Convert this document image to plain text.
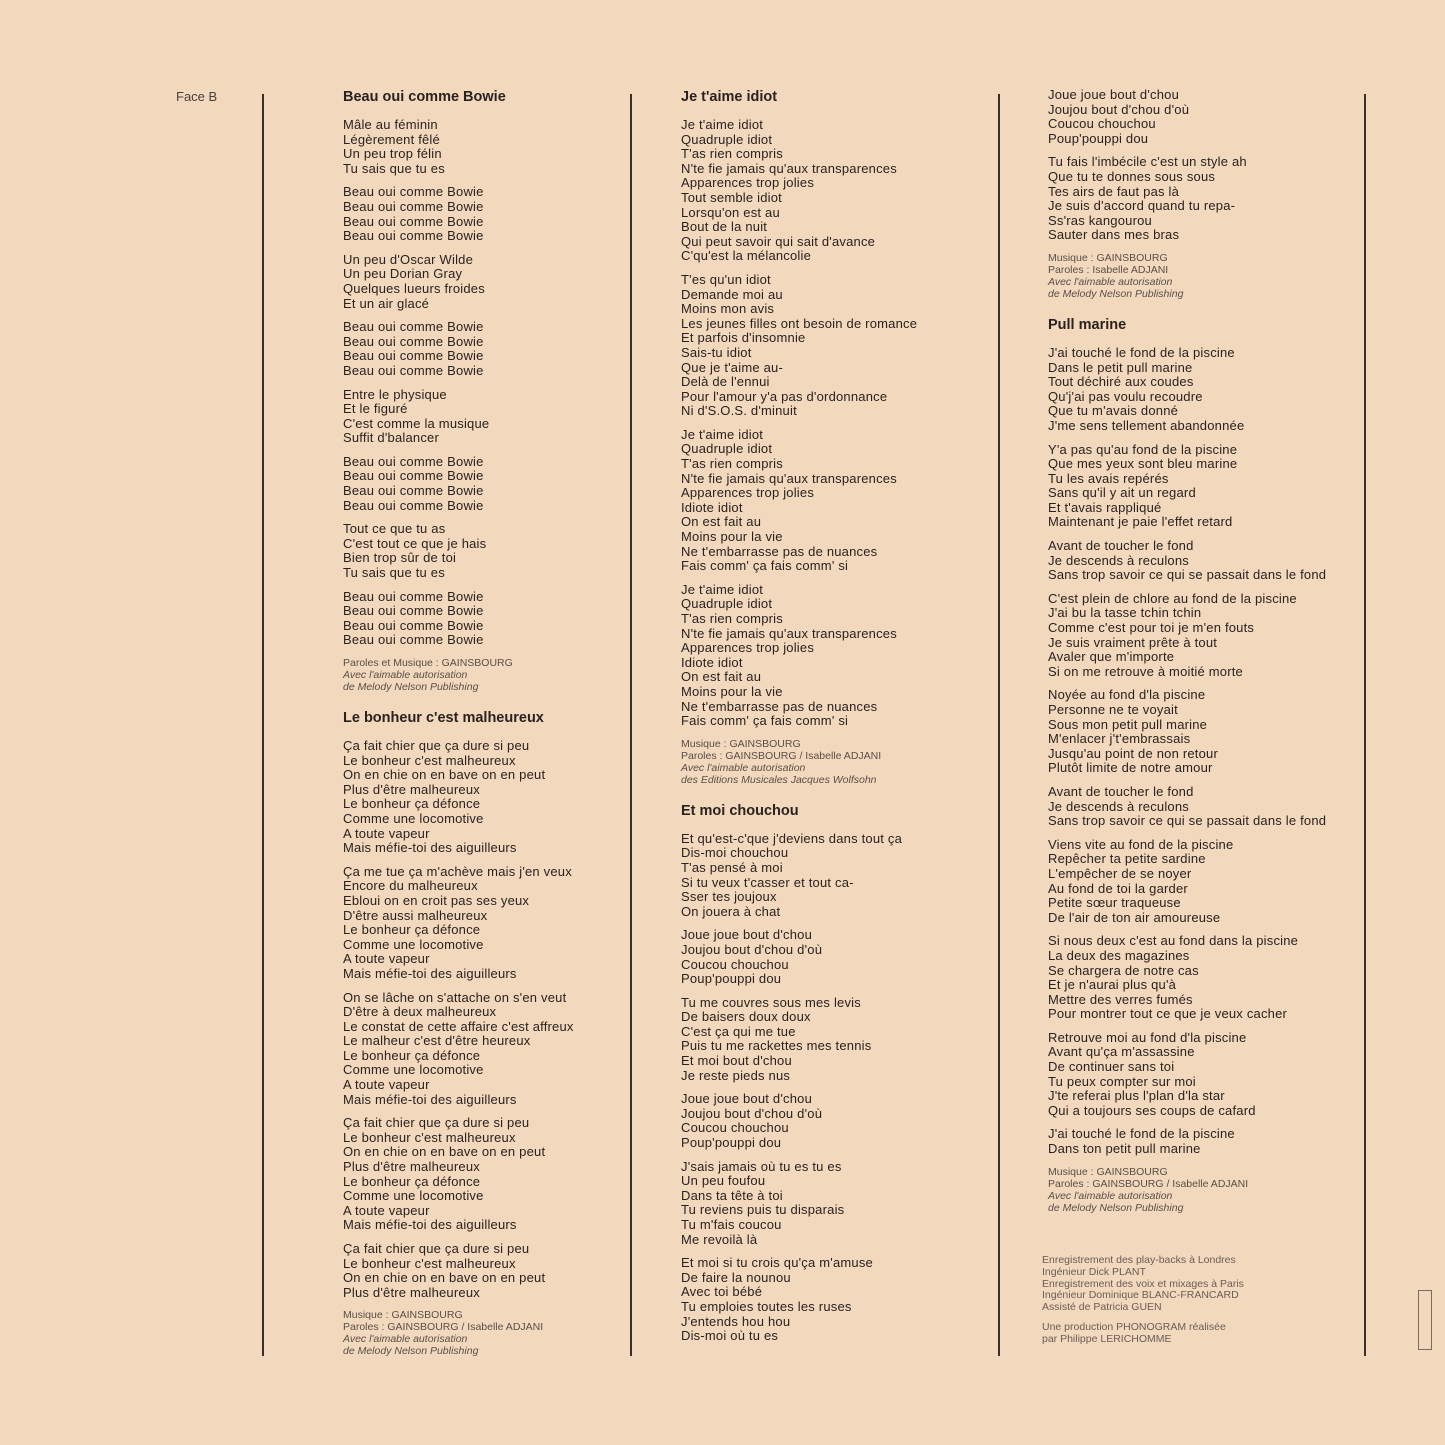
Face B	Beau oui comme Bowie
Mâle au féminin
Légèrement fêlé
Un peu trop félin
Tu sais que tu es
Beau oui comme Bowie
Beau oui comme Bowie
Beau oui comme Bowie
Beau oui comme Bowie
Un peu d'Oscar Wilde
Un peu Dorian Gray
Quelques lueurs froides
Et un air glacé
Beau oui comme Bowie
Beau oui comme Bowie
Beau oui comme Bowie
Beau oui comme Bowie
Entre le physique
Et le figuré
C'est comme la musique
Suffit d'balancer
Beau oui comme Bowie
Beau oui comme Bowie
Beau oui comme Bowie
Beau oui comme Bowie
Tout ce que tu as
C'est tout ce que je hais
Bien trop sûr de toi
Tu sais que tu es
Beau oui comme Bowie
Beau oui comme Bowie
Beau oui comme Bowie
Beau oui comme Bowie
Paroles et Musique : GAINSBOURG
Avec l'aimable autorisation
de Melody Nelson Publishing
Le bonheur c'est malheureux
Ça fait chier que ça dure si peu
Le bonheur c'est malheureux
On en chie on en bave on en peut
Plus d'être malheureux
Le bonheur ça défonce
Comme une locomotive
A toute vapeur
Mais méfie-toi des aiguilleurs
Ça me tue ça m'achève mais j'en veux
Encore du malheureux
Ebloui on en croit pas ses yeux
D'être aussi malheureux
Le bonheur ça défonce
Comme une locomotive
A toute vapeur
Mais méfie-toi des aiguilleurs
On se lâche on s'attache on s'en veut
D'être à deux malheureux
Le constat de cette affaire c'est affreux
Le malheur c'est d'être heureux
Le bonheur ça défonce
Comme une locomotive
A toute vapeur
Mais méfie-toi des aiguilleurs
Ça fait chier que ça dure si peu
Le bonheur c'est malheureux
On en chie on en bave on en peut
Plus d'être malheureux
Le bonheur ça défonce
Comme une locomotive
A toute vapeur
Mais méfie-toi des aiguilleurs
Ça fait chier que ça dure si peu
Le bonheur c'est malheureux
On en chie on en bave on en peut
Plus d'être malheureux
Musique : GAINSBOURG
Paroles : GAINSBOURG / Isabelle ADJANI
Avec l'aimable autorisation
de Melody Nelson Publishing
Je t'aime idiot
Je t'aime idiot
Quadruple idiot
T'as rien compris
N'te fie jamais qu'aux transparences
Apparences trop jolies
Tout semble idiot
Lorsqu'on est au
Bout de la nuit
Qui peut savoir qui sait d'avance
C'qu'est la mélancolie
T'es qu'un idiot
Demande moi au
Moins mon avis
Les jeunes filles ont besoin de romance
Et parfois d'insomnie
Sais-tu idiot
Que je t'aime au-
Delà de l'ennui
Pour l'amour y'a pas d'ordonnance
Ni d'S.O.S. d'minuit
Je t'aime idiot
Quadruple idiot
T'as rien compris
N'te fie jamais qu'aux transparences
Apparences trop jolies
Idiote idiot
On est fait au
Moins pour la vie
Ne t'embarrasse pas de nuances
Fais comm' ça fais comm' si
Je t'aime idiot
Quadruple idiot
T'as rien compris
N'te fie jamais qu'aux transparences
Apparences trop jolies
Idiote idiot
On est fait au
Moins pour la vie
Ne t'embarrasse pas de nuances
Fais comm' ça fais comm' si
Musique : GAINSBOURG
Paroles : GAINSBOURG / Isabelle ADJANI
Avec l'aimable autorisation
des Editions Musicales Jacques Wolfsohn
Et moi chouchou
Et qu'est-c'que j'deviens dans tout ça
Dis-moi chouchou
T'as pensé à moi
Si tu veux t'casser et tout ca-
Sser tes joujoux
On jouera à chat
Joue joue bout d'chou
Joujou bout d'chou d'où
Coucou chouchou
Poup'pouppi dou
Tu me couvres sous mes levis
De baisers doux doux
C'est ça qui me tue
Puis tu me rackettes mes tennis
Et moi bout d'chou
Je reste pieds nus
Joue joue bout d'chou
Joujou bout d'chou d'où
Coucou chouchou
Poup'pouppi dou
J'sais jamais où tu es tu es
Un peu foufou
Dans ta tête à toi
Tu reviens puis tu disparais
Tu m'fais coucou
Me revoilà là
Et moi si tu crois qu'ça m'amuse
De faire la nounou
Avec toi bébé
Tu emploies toutes les ruses
J'entends hou hou
Dis-moi où tu es
Joue joue bout d'chou
Joujou bout d'chou d'où
Coucou chouchou
Poup'pouppi dou
Tu fais l'imbécile c'est un style ah
Que tu te donnes sous sous
Tes airs de faut pas là
Je suis d'accord quand tu repa-
Ss'ras kangourou
Sauter dans mes bras
Musique : GAINSBOURG
Paroles : Isabelle ADJANI
Avec l'aimable autorisation
de Melody Nelson Publishing
Pull marine
J'ai touché le fond de la piscine
Dans le petit pull marine
Tout déchiré aux coudes
Qu'j'ai pas voulu recoudre
Que tu m'avais donné
J'me sens tellement abandonnée
Y'a pas qu'au fond de la piscine
Que mes yeux sont bleu marine
Tu les avais repérés
Sans qu'il y ait un regard
Et t'avais rappliqué
Maintenant je paie l'effet retard
Avant de toucher le fond
Je descends à reculons
Sans trop savoir ce qui se passait dans le fond
C'est plein de chlore au fond de la piscine
J'ai bu la tasse tchin tchin
Comme c'est pour toi je m'en fouts
Je suis vraiment prête à tout
Avaler que m'importe
Si on me retrouve à moitié morte
Noyée au fond d'la piscine
Personne ne te voyait
Sous mon petit pull marine
M'enlacer j't'embrassais
Jusqu'au point de non retour
Plutôt limite de notre amour
Avant de toucher le fond
Je descends à reculons
Sans trop savoir ce qui se passait dans le fond
Viens vite au fond de la piscine
Repêcher ta petite sardine
L'empêcher de se noyer
Au fond de toi la garder
Petite sœur traqueuse
De l'air de ton air amoureuse
Si nous deux c'est au fond dans la piscine
La deux des magazines
Se chargera de notre cas
Et je n'aurai plus qu'à
Mettre des verres fumés
Pour montrer tout ce que je veux cacher
Retrouve moi au fond d'la piscine
Avant qu'ça m'assassine
De continuer sans toi
Tu peux compter sur moi
J'te referai plus l'plan d'la star
Qui a toujours ses coups de cafard
J'ai touché le fond de la piscine
Dans ton petit pull marine
Musique : GAINSBOURG
Paroles : GAINSBOURG / Isabelle ADJANI
Avec l'aimable autorisation
de Melody Nelson Publishing
Enregistrement des play-backs à Londres
Ingénieur Dick PLANT
Enregistrement des voix et mixages à Paris
Ingénieur Dominique BLANC-FRANCARD
Assisté de Patricia GUEN
Une production PHONOGRAM réalisée
par Philippe LERICHOMME
